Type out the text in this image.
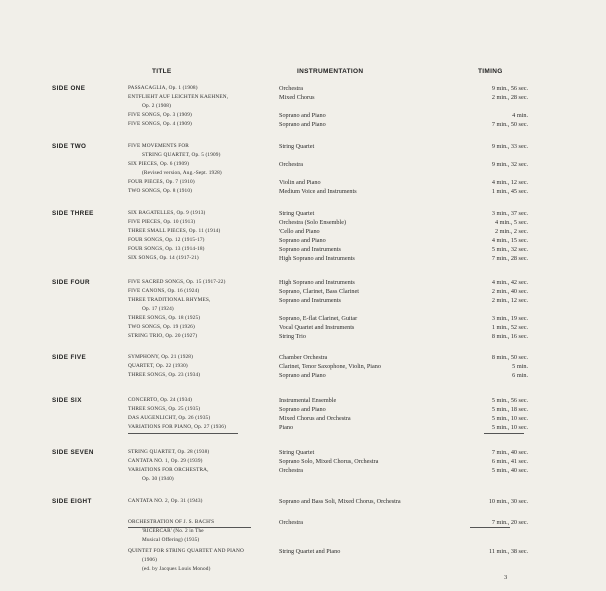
TITLE	INSTRUMENTATION	TIMING
SIDE ONE	PASSACAGLIA, Op. 1 (1908)	Orchestra	9 min., 56 sec.
ENTFLIEHT AUF LEICHTEN KAEHNEN,	Mixed Chorus	2 min., 28 sec.
Op. 2 (1908)
FIVE SONGS, Op. 3 (1909)	Soprano and Piano	4 min.
FIVE SONGS, Op. 4 (1909)	Soprano and Piano	7 min., 50 sec.
SIDE TWO	FIVE MOVEMENTS FOR	String Quartet	9 min., 33 sec.
STRING QUARTET, Op. 5 (1909)
SIX PIECES, Op. 6 (1909)	Orchestra	9 min., 32 sec.
(Revised version, Aug.-Sept. 1928)
FOUR PIECES, Op. 7 (1910)	Violin and Piano	4 min., 12 sec.
TWO SONGS, Op. 8 (1910)	Medium Voice and Instruments	1 min., 45 sec.
SIDE THREE	SIX BAGATELLES, Op. 9 (1913)	String Quartet	3 min., 37 sec.
FIVE PIECES, Op. 10 (1913)	Orchestra (Solo Ensemble)	4 min., 5 sec.
THREE SMALL PIECES, Op. 11 (1914)	'Cello and Piano	2 min., 2 sec.
FOUR SONGS, Op. 12 (1915-17)	Soprano and Piano	4 min., 15 sec.
FOUR SONGS, Op. 13 (1914-18)	Soprano and Instruments	5 min., 32 sec.
SIX SONGS, Op. 14 (1917-21)	High Soprano and Instruments	7 min., 28 sec.
SIDE FOUR	FIVE SACRED SONGS, Op. 15 (1917-22)	High Soprano and Instruments	4 min., 42 sec.
FIVE CANONS, Op. 16 (1924)	Soprano, Clarinet, Bass Clarinet	2 min., 40 sec.
THREE TRADITIONAL RHYMES,	Soprano and Instruments	2 min., 12 sec.
Op. 17 (1924)
THREE SONGS, Op. 18 (1925)	Soprano, E-flat Clarinet, Guitar	3 min., 19 sec.
TWO SONGS, Op. 19 (1926)	Vocal Quartet and Instruments	1 min., 52 sec.
STRING TRIO, Op. 20 (1927)	String Trio	8 min., 16 sec.
SIDE FIVE	SYMPHONY, Op. 21 (1928)	Chamber Orchestra	8 min., 50 sec.
QUARTET, Op. 22 (1930)	Clarinet, Tenor Saxophone, Violin, Piano	5 min.
THREE SONGS, Op. 23 (1934)	Soprano and Piano	6 min.
SIDE SIX	CONCERTO, Op. 24 (1934)	Instrumental Ensemble	5 min., 56 sec.
THREE SONGS, Op. 25 (1935)	Soprano and Piano	5 min., 18 sec.
DAS AUGENLICHT, Op. 26 (1935)	Mixed Chorus and Orchestra	5 min., 10 sec.
VARIATIONS FOR PIANO, Op. 27 (1936)	Piano	5 min., 10 sec.
SIDE SEVEN	STRING QUARTET, Op. 28 (1938)	String Quartet	7 min., 40 sec.
CANTATA NO. 1, Op. 29 (1939)	Soprano Solo, Mixed Chorus, Orchestra	6 min., 41 sec.
VARIATIONS FOR ORCHESTRA,	Orchestra	5 min., 40 sec.
Op. 30 (1940)
SIDE EIGHT	CANTATA NO. 2, Op. 31 (1943)	Soprano and Bass Soli, Mixed Chorus, Orchestra	10 min., 30 sec.
ORCHESTRATION OF J. S. BACH'S	Orchestra	7 min., 20 sec.
'RICERCAR' (No. 2 in The
Musical Offering) (1935)
QUINTET FOR STRING QUARTET AND PIANO	String Quartet and Piano	11 min., 38 sec.
(1906)
(ed. by Jacques Louis Monod)
3
